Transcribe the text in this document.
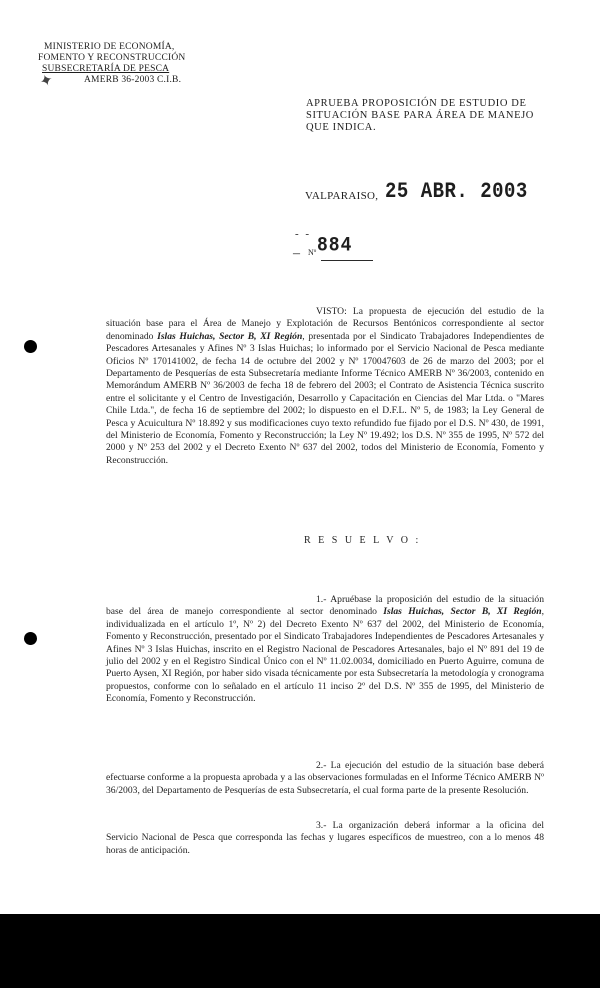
MINISTERIO DE ECONOMÍA,
FOMENTO Y RECONSTRUCCIÓN
SUBSECRETARÍA DE PESCA
AMERB 36-2003 C.I.B.
✦
APRUEBA PROPOSICIÓN DE ESTUDIO DE SITUACIÓN BASE PARA ÁREA DE MANEJO QUE INDICA.
VALPARAISO, 25 ABR. 2003
- -
– Nº 884
VISTO: La propuesta de ejecución del estudio de la situación base para el Área de Manejo y Explotación de Recursos Bentónicos correspondiente al sector denominado Islas Huichas, Sector B, XI Región, presentada por el Sindicato Trabajadores Independientes de Pescadores Artesanales y Afines Nº 3 Islas Huichas; lo informado por el Servicio Nacional de Pesca mediante Oficios Nº 170141002, de fecha 14 de octubre del 2002 y Nº 170047603 de 26 de marzo del 2003; por el Departamento de Pesquerías de esta Subsecretaría mediante Informe Técnico AMERB Nº 36/2003, contenido en Memorándum AMERB Nº 36/2003 de fecha 18 de febrero del 2003; el Contrato de Asistencia Técnica suscrito entre el solicitante y el Centro de Investigación, Desarrollo y Capacitación en Ciencias del Mar Ltda. o "Mares Chile Ltda.", de fecha 16 de septiembre del 2002; lo dispuesto en el D.F.L. Nº 5, de 1983; la Ley General de Pesca y Acuicultura Nº 18.892 y sus modificaciones cuyo texto refundido fue fijado por el D.S. Nº 430, de 1991, del Ministerio de Economía, Fomento y Reconstrucción; la Ley Nº 19.492; los D.S. Nº 355 de 1995, Nº 572 del 2000 y Nº 253 del 2002 y el Decreto Exento Nº 637 del 2002, todos del Ministerio de Economía, Fomento y Reconstrucción.
R E S U E L V O :
1.- Apruébase la proposición del estudio de la situación base del área de manejo correspondiente al sector denominado Islas Huichas, Sector B, XI Región, individualizada en el artículo 1º, Nº 2) del Decreto Exento Nº 637 del 2002, del Ministerio de Economía, Fomento y Reconstrucción, presentado por el Sindicato Trabajadores Independientes de Pescadores Artesanales y Afines Nº 3 Islas Huichas, inscrito en el Registro Nacional de Pescadores Artesanales, bajo el Nº 891 del 19 de julio del 2002 y en el Registro Sindical Único con el Nº 11.02.0034, domiciliado en Puerto Aguirre, comuna de Puerto Aysen, XI Región, por haber sido visada técnicamente por esta Subsecretaría la metodología y cronograma propuestos, conforme con lo señalado en el artículo 11 inciso 2º del D.S. Nº 355 de 1995, del Ministerio de Economía, Fomento y Reconstrucción.
2.- La ejecución del estudio de la situación base deberá efectuarse conforme a la propuesta aprobada y a las observaciones formuladas en el Informe Técnico AMERB Nº 36/2003, del Departamento de Pesquerías de esta Subsecretaría, el cual forma parte de la presente Resolución.
3.- La organización deberá informar a la oficina del Servicio Nacional de Pesca que corresponda las fechas y lugares específicos de muestreo, con a lo menos 48 horas de anticipación.
